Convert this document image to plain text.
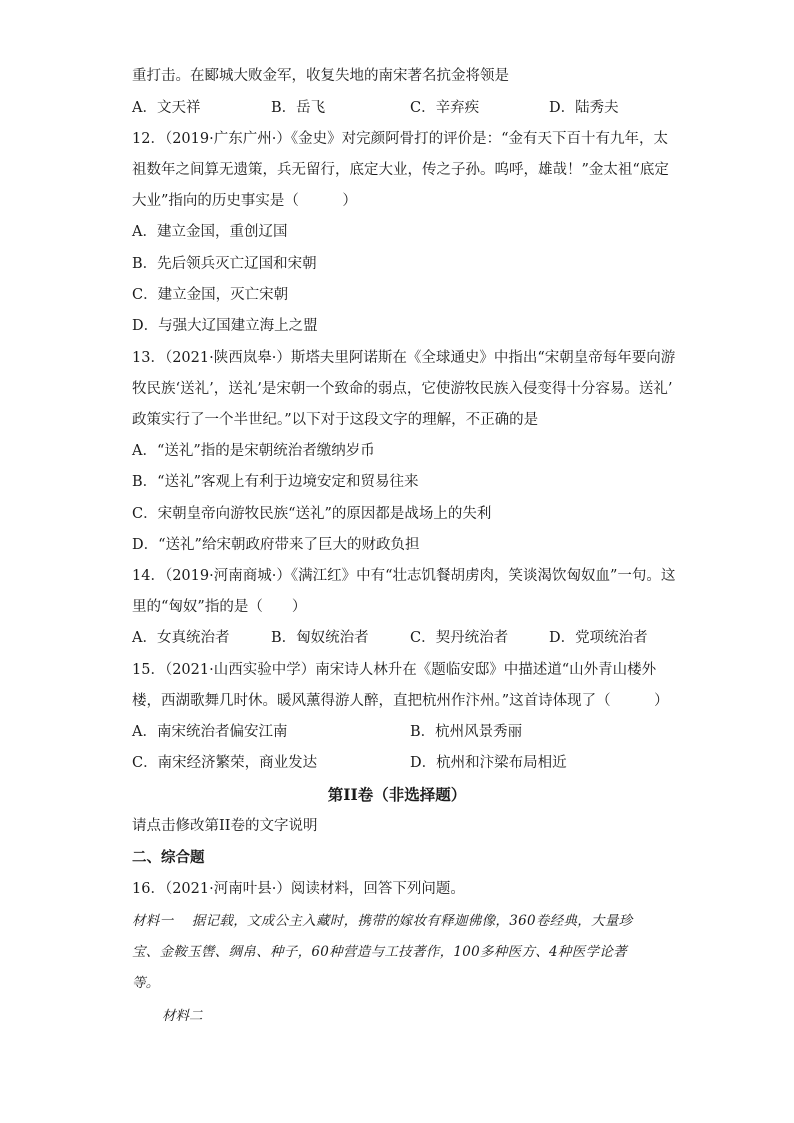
重打击。在郾城大败金军，收复失地的南宋著名抗金将领是
A．文天祥	B．岳飞	C．辛弃疾	D．陆秀夫
12．（2019·广东广州·）《金史》对完颜阿骨打的评价是：“金有天下百十有九年，太
祖数年之间算无遗策，兵无留行，底定大业，传之子孙。呜呼，雄哉！”金太祖“底定
大业”指向的历史事实是（　　　）
A．建立金国，重创辽国
B．先后领兵灭亡辽国和宋朝
C．建立金国，灭亡宋朝
D．与强大辽国建立海上之盟
13．（2021·陕西岚皋·）斯塔夫里阿诺斯在《全球通史》中指出“宋朝皇帝每年要向游
牧民族‘送礼’，送礼’是宋朝一个致命的弱点，它使游牧民族入侵变得十分容易。送礼’
政策实行了一个半世纪。”以下对于这段文字的理解，不正确的是
A．“送礼”指的是宋朝统治者缴纳岁币
B．“送礼”客观上有利于边境安定和贸易往来
C．宋朝皇帝向游牧民族“送礼”的原因都是战场上的失利
D．“送礼”给宋朝政府带来了巨大的财政负担
14．（2019·河南商城·）《满江红》中有“壮志饥餐胡虏肉，笑谈渴饮匈奴血”一句。这
里的“匈奴”指的是（　　）
A．女真统治者	B．匈奴统治者	C．契丹统治者	D．党项统治者
15．（2021·山西实验中学）南宋诗人林升在《题临安邸》中描述道“山外青山楼外
楼，西湖歌舞几时休。暖风薰得游人醉，直把杭州作汴州。”这首诗体现了（　　　）
A．南宋统治者偏安江南	B．杭州风景秀丽
C．南宋经济繁荣，商业发达	D．杭州和汴梁布局相近
第II卷（非选择题）
请点击修改第II卷的文字说明
二、综合题
16．（2021·河南叶县·）阅读材料，回答下列问题。
材料一　 据记载，文成公主入藏时，携带的嫁妆有释迦佛像，360卷经典，大量珍
宝、金鞍玉辔、绸帛、种子，60种营造与工技著作，100多种医方、4种医学论著
等。
材料二
